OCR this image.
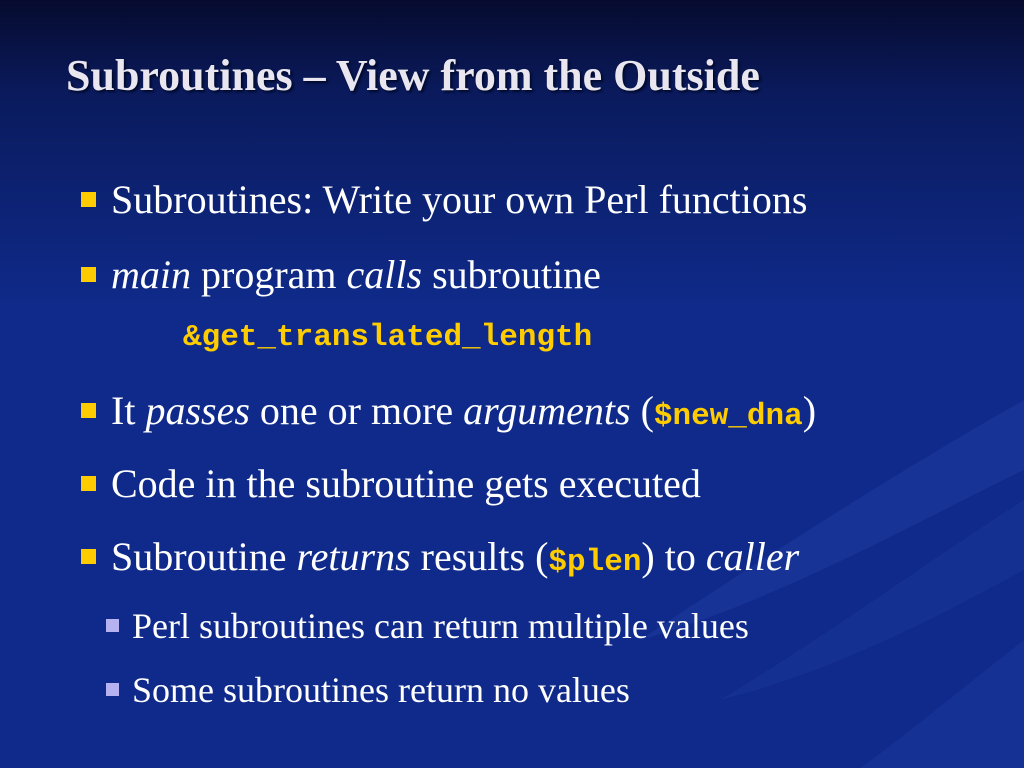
Subroutines – View from the Outside
Subroutines: Write your own Perl functions
main program calls subroutine
&get_translated_length
It passes one or more arguments ($new_dna)
Code in the subroutine gets executed
Subroutine returns results ($plen) to caller
Perl subroutines can return multiple values
Some subroutines return no values
